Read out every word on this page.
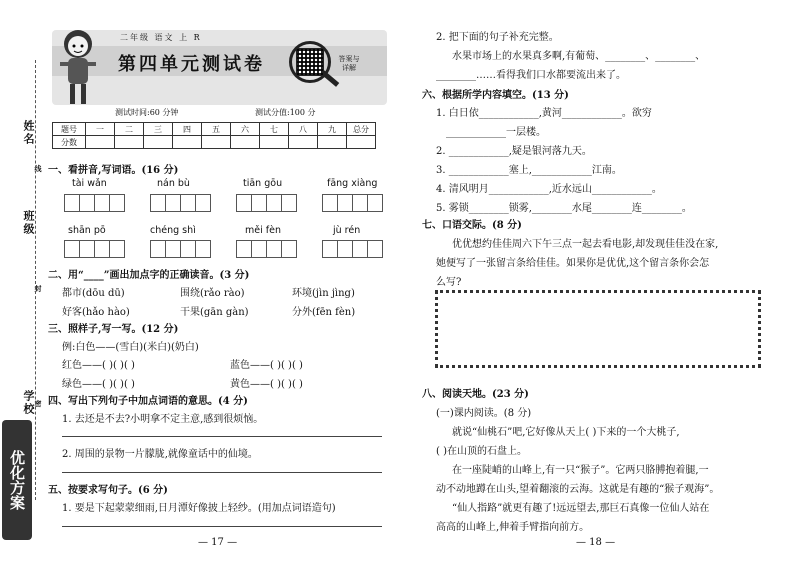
姓名
班级
学校
线
封
密
优化方案
二年级 语文 上 R
第四单元测试卷	答案与详解
测试时间:60 分钟	测试分值:100 分
题号	一	二	三	四	五	六	七	八	九	总分
分数										
一、看拼音,写词语。(16 分)
tài wǎn	nán bù	tiān gōu	fāng xiàng
shān pō	chéng shì	měi fèn	jù rén
二、用“____”画出加点字的正确读音。(3 分)
都市(dōu dū)	围绕(rǎo rào)	环境(jìn jìng)
好客(hǎo hào)	干果(gān gàn)	分外(fēn fèn)
三、照样子,写一写。(12 分)
例:白色——(雪白)(米白)(奶白)
红色——( )( )( )	蓝色——( )( )( )
绿色——( )( )( )	黄色——( )( )( )
四、写出下列句子中加点词语的意思。(4 分)
1. 去还是不去?小明拿不定主意,感到很烦恼。
2. 周围的景物一片朦胧,就像童话中的仙境。
五、按要求写句子。(6 分)
1. 要是下起蒙蒙细雨,日月潭好像披上轻纱。(用加点词语造句)
— 17 —
2. 把下面的句子补充完整。
水果市场上的水果真多啊,有葡萄、________、________、
________……看得我们口水都要流出来了。
六、根据所学内容填空。(13 分)
1. 白日依____________,黄河____________。欲穷
____________一层楼。
2. ____________,疑是银河落九天。
3. ____________塞上,____________江南。
4. 清风明月____________,近水远山____________。
5. 雾锁________锁雾,________水尾________连________。
七、口语交际。(8 分)
优优想约佳佳周六下午三点一起去看电影,却发现佳佳没在家,
她便写了一张留言条给佳佳。如果你是优优,这个留言条你会怎
么写?
八、阅读天地。(23 分)
(一)课内阅读。(8 分)
就说“仙桃石”吧,它好像从天上( )下来的一个大桃子,
( )在山顶的石盘上。
在一座陡峭的山峰上,有一只“猴子”。它两只胳膊抱着腿,一
动不动地蹲在山头,望着翻滚的云海。这就是有趣的“猴子观海”。
“仙人指路”就更有趣了!远远望去,那巨石真像一位仙人站在
高高的山峰上,伸着手臂指向前方。
— 18 —
